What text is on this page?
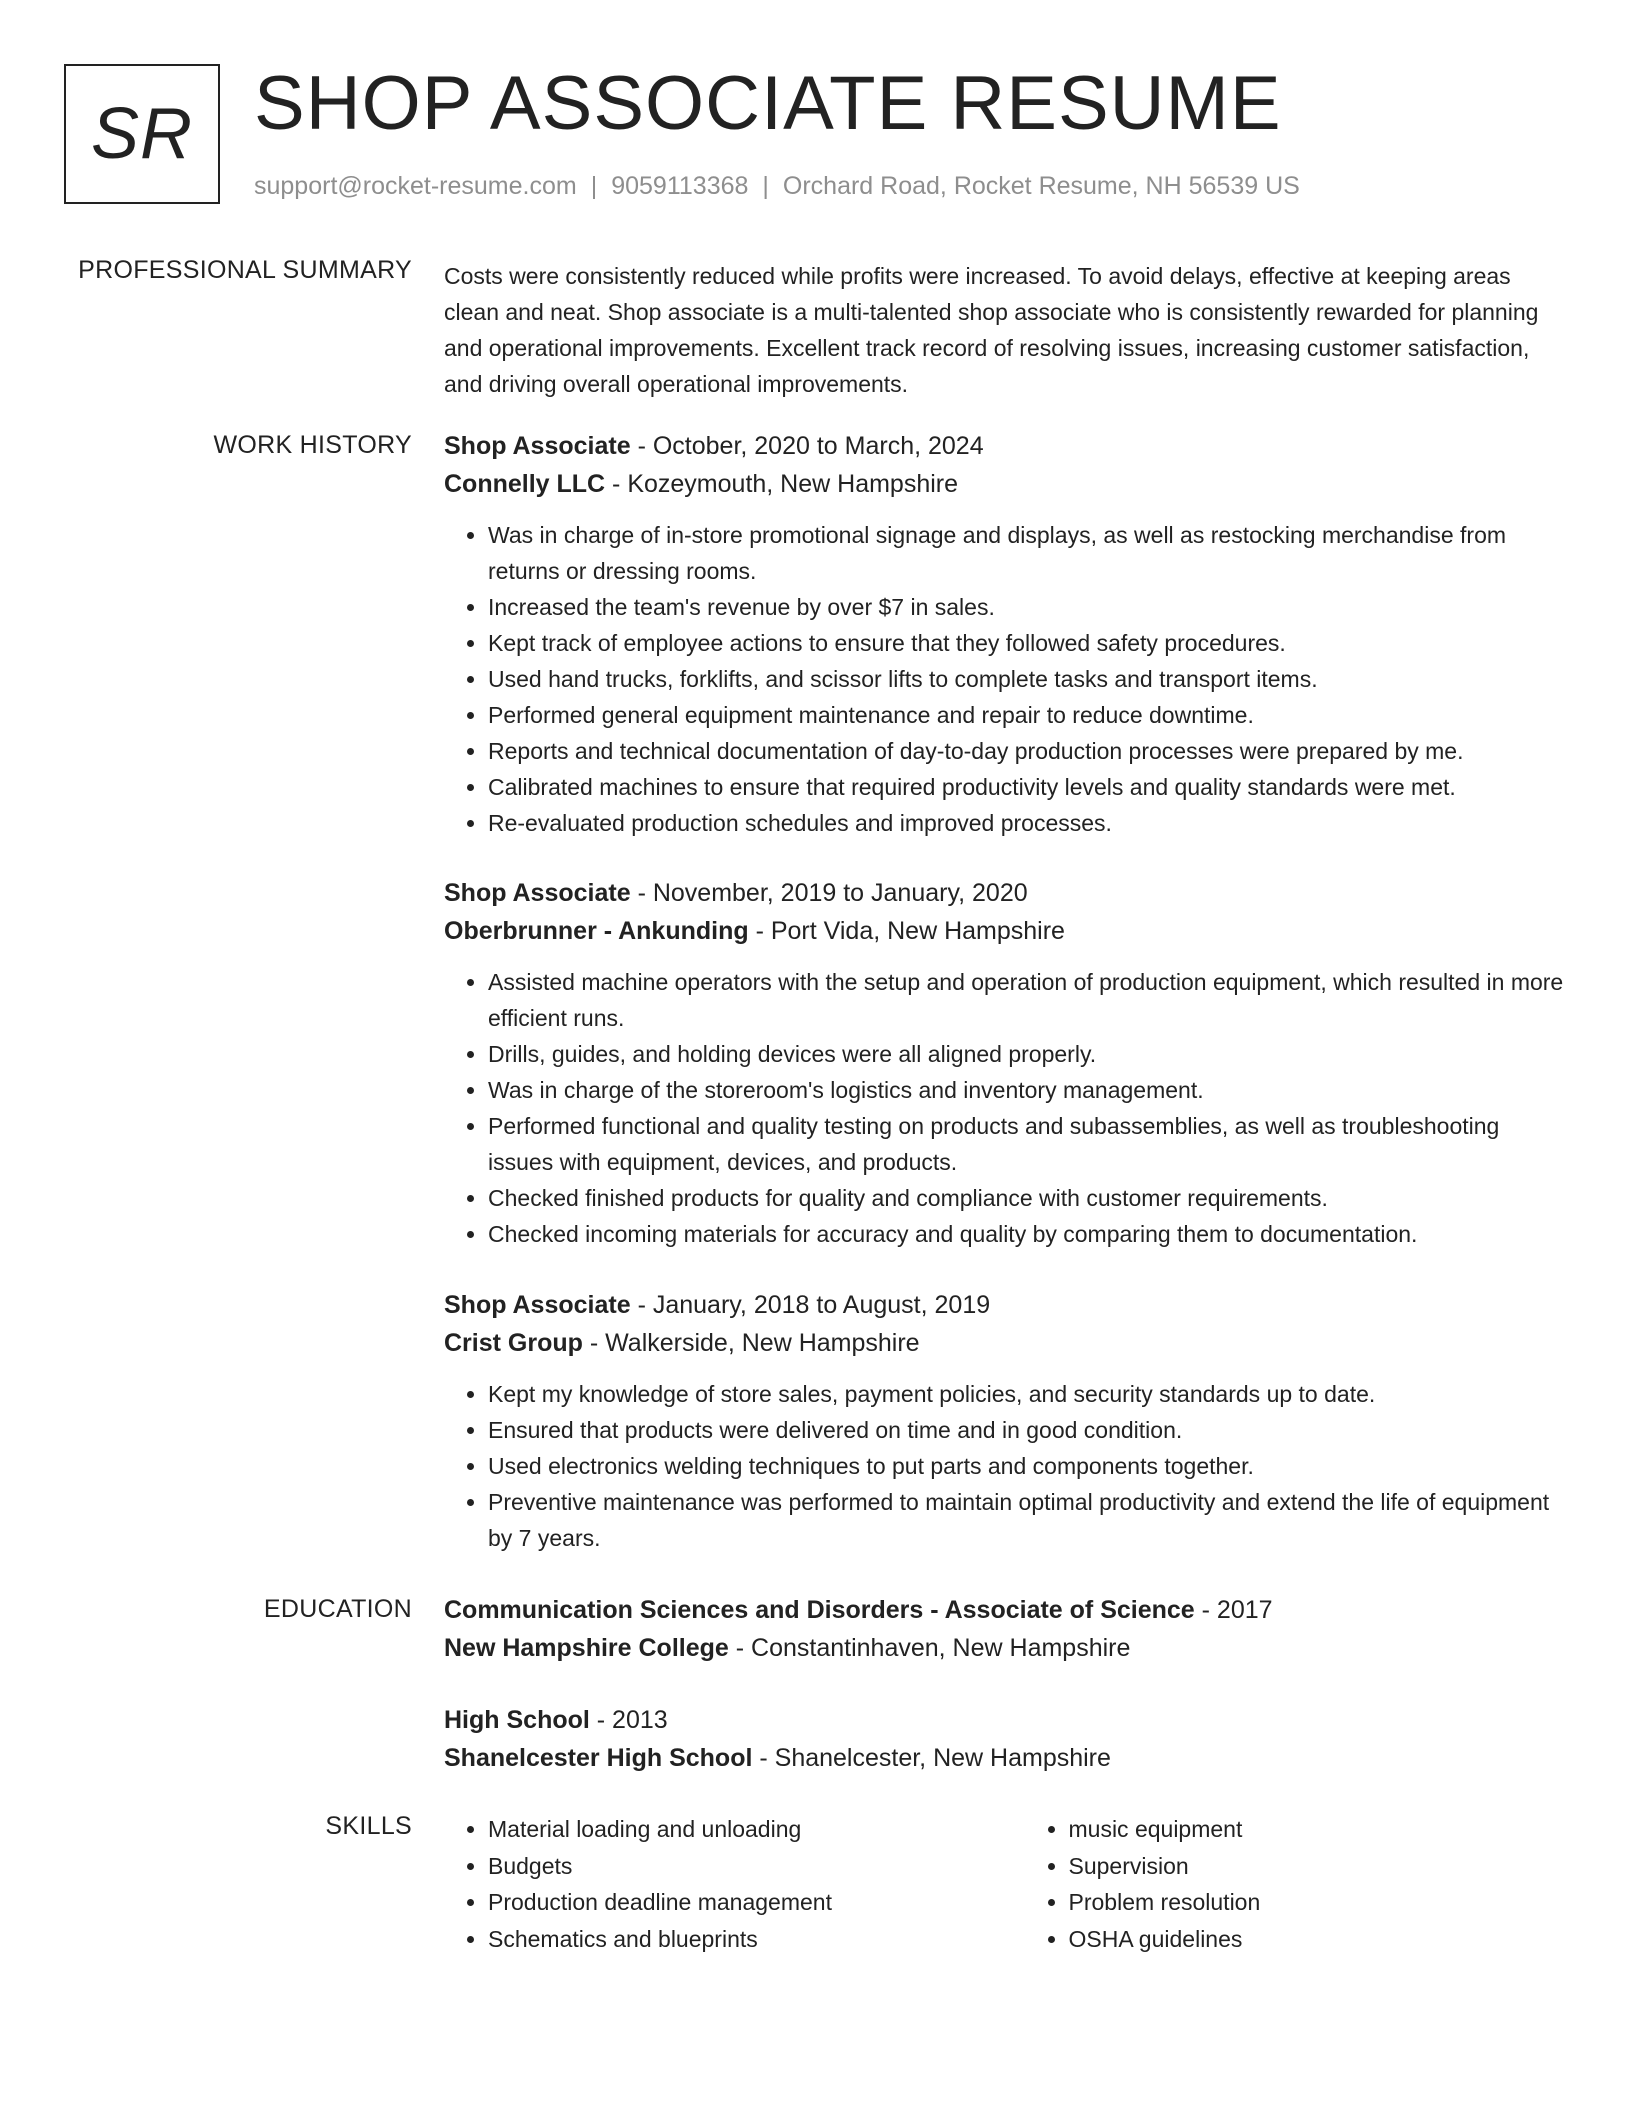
SR SHOP ASSOCIATE RESUME
support@rocket-resume.com | 9059113368 | Orchard Road, Rocket Resume, NH 56539 US
PROFESSIONAL SUMMARY Costs were consistently reduced while profits were increased. To avoid delays, effective at keeping areas clean and neat. Shop associate is a multi-talented shop associate who is consistently rewarded for planning and operational improvements. Excellent track record of resolving issues, increasing customer satisfaction, and driving overall operational improvements.

WORK HISTORY Shop Associate - October, 2020 to March, 2024

Connelly LLC - Kozeymouth, New Hampshire

• Was in charge of in-store promotional signage and displays, as well as restocking merchandise from returns or dressing rooms.
• Increased the team's revenue by over $7 in sales.
• Kept track of employee actions to ensure that they followed safety procedures.
• Used hand trucks, forklifts, and scissor lifts to complete tasks and transport items.
• Performed general equipment maintenance and repair to reduce downtime.
• Reports and technical documentation of day-to-day production processes were prepared by me.
• Calibrated machines to ensure that required productivity levels and quality standards were met.
• Re-evaluated production schedules and improved processes.

Shop Associate - November, 2019 to January, 2020

Oberbrunner - Ankunding - Port Vida, New Hampshire

• Assisted machine operators with the setup and operation of production equipment, which resulted in more efficient runs.
• Drills, guides, and holding devices were all aligned properly.
• Was in charge of the storeroom's logistics and inventory management.
• Performed functional and quality testing on products and subassemblies, as well as troubleshooting issues with equipment, devices, and products.
• Checked finished products for quality and compliance with customer requirements.
• Checked incoming materials for accuracy and quality by comparing them to documentation.

Shop Associate - January, 2018 to August, 2019

Crist Group - Walkerside, New Hampshire

• Kept my knowledge of store sales, payment policies, and security standards up to date.
• Ensured that products were delivered on time and in good condition.
• Used electronics welding techniques to put parts and components together.
• Preventive maintenance was performed to maintain optimal productivity and extend the life of equipment by 7 years.
EDUCATION Communication Sciences and Disorders - Associate of Science - 2017

New Hampshire College - Constantinhaven, New Hampshire

High School - 2013

Shanelcester High School - Shanelcester, New Hampshire

SKILLS
•	Material loading and unloading
• Budgets
• Production deadline management
• Schematics and blueprints
• music equipment
• Supervision
• Problem resolution
• OSHA guidelines
